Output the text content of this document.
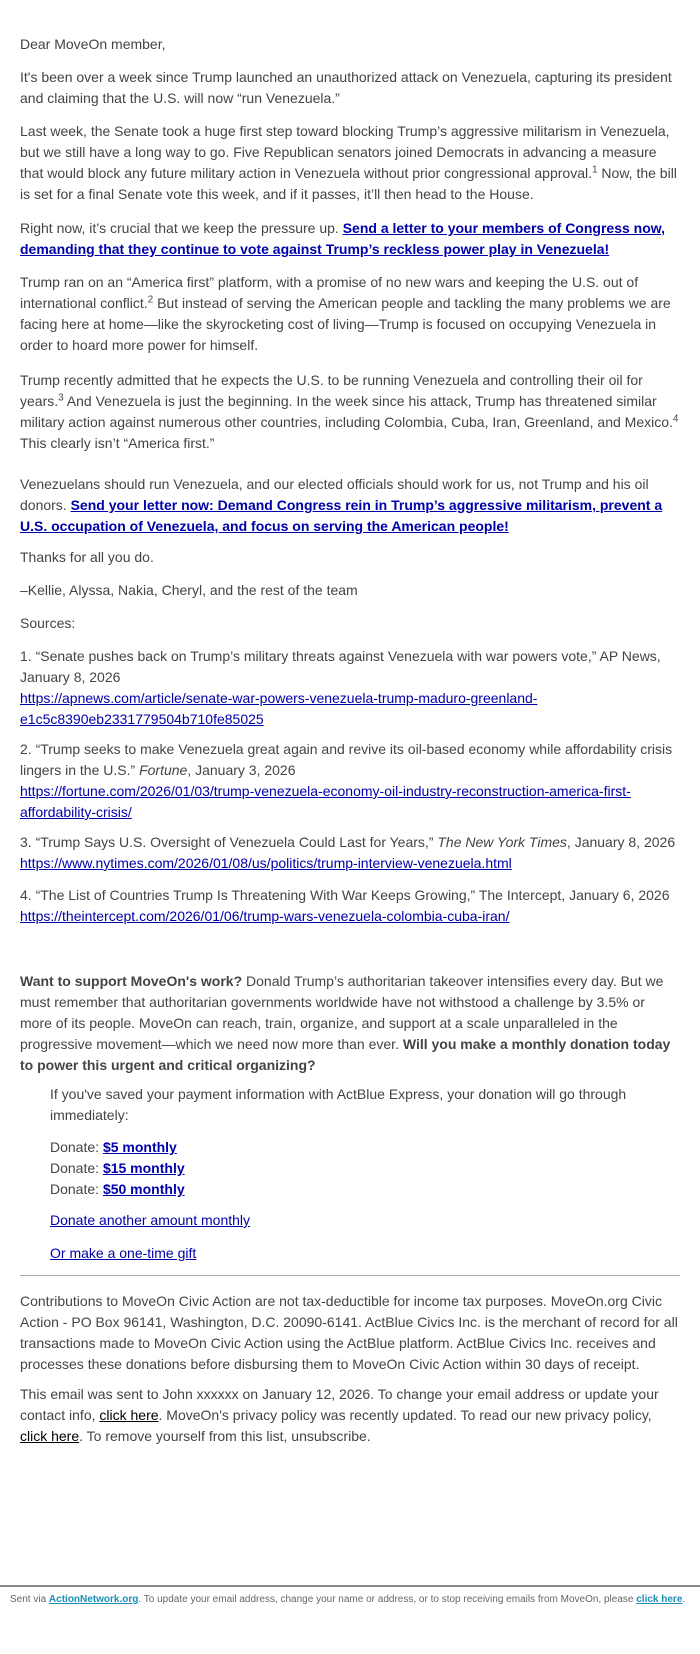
Dear MoveOn member,

It's been over a week since Trump launched an unauthorized attack on Venezuela, capturing its president and claiming that the U.S. will now “run Venezuela.”

Last week, the Senate took a huge first step toward blocking Trump’s aggressive militarism in Venezuela, but we still have a long way to go. Five Republican senators joined Democrats in advancing a measure that would block any future military action in Venezuela without prior congressional approval.$^1$ Now, the bill is set for a final Senate vote this week, and if it passes, it’ll then head to the House.

Right now, it’s crucial that we keep the pressure up. Send a letter to your members of Congress now, demanding that they continue to vote against Trump’s reckless power play in Venezuela!

Trump ran on an “America first” platform, with a promise of no new wars and keeping the U.S. out of international conflict.$^2$ But instead of serving the American people and tackling the many problems we are facing here at home—like the skyrocketing cost of living—Trump is focused on occupying Venezuela in order to hoard more power for himself.

Trump recently admitted that he expects the U.S. to be running Venezuela and controlling their oil for years.$^3$ And Venezuela is just the beginning. In the week since his attack, Trump has threatened similar military action against numerous other countries, including Colombia, Cuba, Iran, Greenland, and Mexico.$^4$ This clearly isn’t “America first.”

Venezuelans should run Venezuela, and our elected officials should work for us, not Trump and his oil donors. Send your letter now: Demand Congress rein in Trump’s aggressive militarism, prevent a U.S. occupation of Venezuela, and focus on serving the American people!

Thanks for all you do.

–Kellie, Alyssa, Nakia, Cheryl, and the rest of the team

Sources:

1. “Senate pushes back on Trump’s military threats against Venezuela with war powers vote,” AP News, January 8, 2026
https://apnews.com/article/senate-war-powers-venezuela-trump-maduro-greenland-e1c5c8390eb2331779504b710fe85025

2. “Trump seeks to make Venezuela great again and revive its oil-based economy while affordability crisis lingers in the U.S.” Fortune, January 3, 2026
https://fortune.com/2026/01/03/trump-venezuela-economy-oil-industry-reconstruction-america-first-affordability-crisis/

3. “Trump Says U.S. Oversight of Venezuela Could Last for Years,” The New York Times, January 8, 2026
https://www.nytimes.com/2026/01/08/us/politics/trump-interview-venezuela.html

4. “The List of Countries Trump Is Threatening With War Keeps Growing,” The Intercept, January 6, 2026
https://theintercept.com/2026/01/06/trump-wars-venezuela-colombia-cuba-iran/

Want to support MoveOn's work? Donald Trump’s authoritarian takeover intensifies every day. But we must remember that authoritarian governments worldwide have not withstood a challenge by 3.5% or more of its people. MoveOn can reach, train, organize, and support at a scale unparalleled in the progressive movement—which we need now more than ever. Will you make a monthly donation today to power this urgent and critical organizing?

If you've saved your payment information with ActBlue Express, your donation will go through immediately:

Donate: $5 monthly
Donate: $15 monthly
Donate: $50 monthly

Donate another amount monthly

Or make a one-time gift

Contributions to MoveOn Civic Action are not tax-deductible for income tax purposes. MoveOn.org Civic Action - PO Box 96141, Washington, D.C. 20090-6141. ActBlue Civics Inc. is the merchant of record for all transactions made to MoveOn Civic Action using the ActBlue platform. ActBlue Civics Inc. receives and processes these donations before disbursing them to MoveOn Civic Action within 30 days of receipt.

This email was sent to John xxxxxx on January 12, 2026. To change your email address or update your contact info, click here. MoveOn's privacy policy was recently updated. To read our new privacy policy, click here. To remove yourself from this list, unsubscribe.

Sent via ActionNetwork.org. To update your email address, change your name or address, or to stop receiving emails from MoveOn, please click here.
